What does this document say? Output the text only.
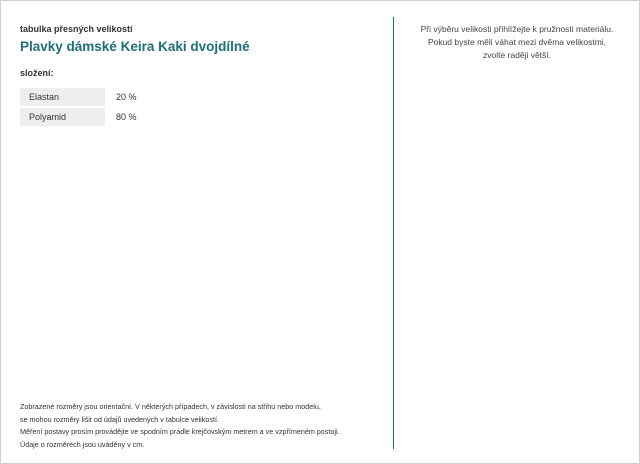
tabulka přesných velikostí
Plavky dámské Keira Kaki dvojdílné
složení:
Elastan	20 %
Polyamid	80 %
Zobrazené rozměry jsou orientační. V některých případech, v závislosti na střihu nebo modelu,
se mohou rozměry lišit od údajů uvedených v tabulce velikostí.
Měření postavy prosím provádějte ve spodním prádle krejčovským metrem a ve vzpřímeném postoji.
Údaje o rozměrech jsou uváděny v cm.
Při výběru velikosti přihlížejte k pružnosti materiálu.
Pokud byste měli váhat mezi dvěma velikostmi,
zvolte raději větší.
